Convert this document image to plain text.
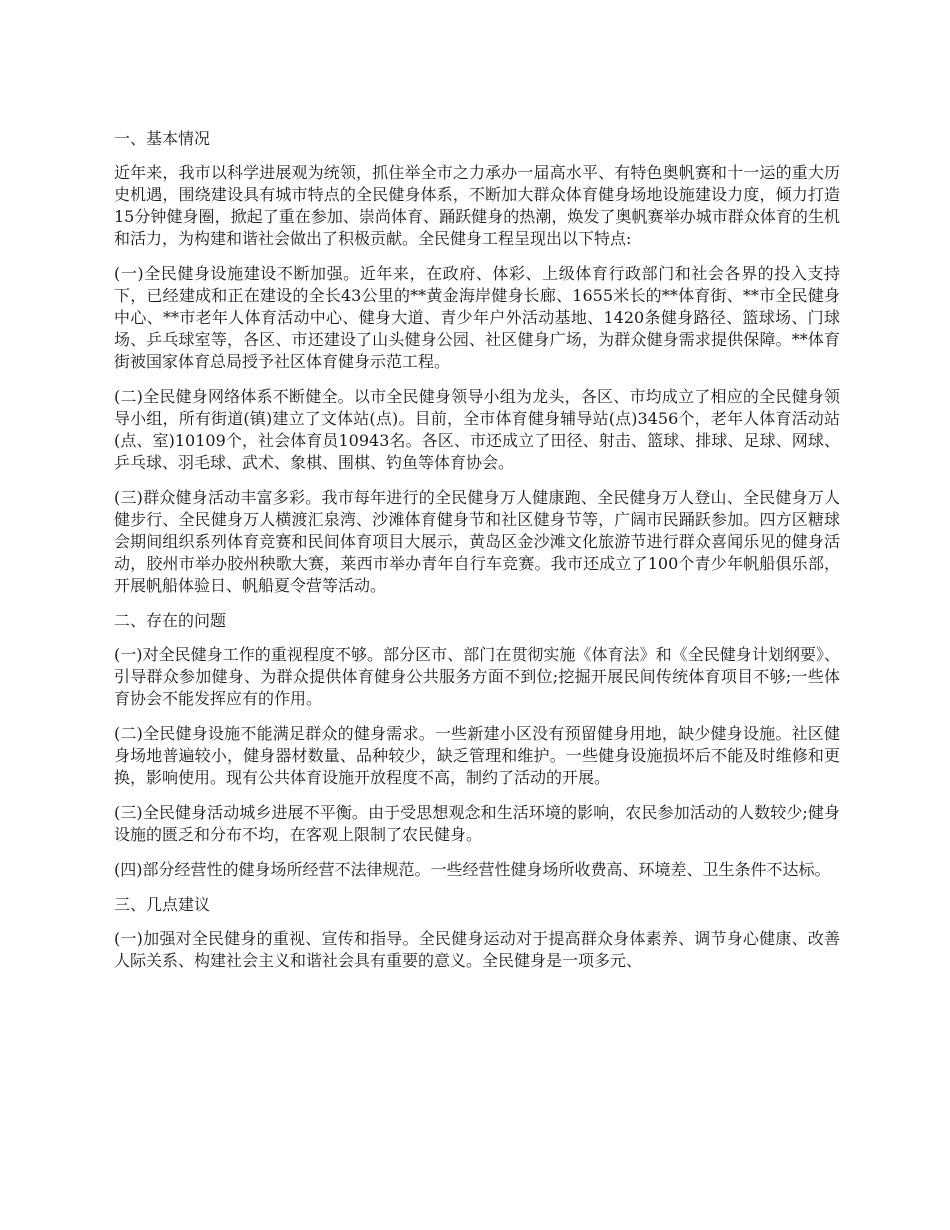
一、基本情况

近年来，我市以科学进展观为统领，抓住举全市之力承办一届高水平、有特色奥帆赛和十一运的重大历史机遇，围绕建设具有城市特点的全民健身体系，不断加大群众体育健身场地设施建设力度，倾力打造15分钟健身圈，掀起了重在参加、崇尚体育、踊跃健身的热潮，焕发了奥帆赛举办城市群众体育的生机和活力，为构建和谐社会做出了积极贡献。全民健身工程呈现出以下特点:

(一)全民健身设施建设不断加强。近年来，在政府、体彩、上级体育行政部门和社会各界的投入支持下，已经建成和正在建设的全长43公里的**黄金海岸健身长廊、1655米长的**体育街、**市全民健身中心、**市老年人体育活动中心、健身大道、青少年户外活动基地、1420条健身路径、篮球场、门球场、乒乓球室等，各区、市还建设了山头健身公园、社区健身广场，为群众健身需求提供保障。**体育街被国家体育总局授予社区体育健身示范工程。

(二)全民健身网络体系不断健全。以市全民健身领导小组为龙头，各区、市均成立了相应的全民健身领导小组，所有街道(镇)建立了文体站(点)。目前，全市体育健身辅导站(点)3456个，老年人体育活动站(点、室)10109个，社会体育员10943名。各区、市还成立了田径、射击、篮球、排球、足球、网球、乒乓球、羽毛球、武术、象棋、围棋、钓鱼等体育协会。

(三)群众健身活动丰富多彩。我市每年进行的全民健身万人健康跑、全民健身万人登山、全民健身万人健步行、全民健身万人横渡汇泉湾、沙滩体育健身节和社区健身节等，广阔市民踊跃参加。四方区糖球会期间组织系列体育竞赛和民间体育项目大展示，黄岛区金沙滩文化旅游节进行群众喜闻乐见的健身活动，胶州市举办胶州秧歌大赛，莱西市举办青年自行车竞赛。我市还成立了100个青少年帆船俱乐部，开展帆船体验日、帆船夏令营等活动。

二、存在的问题

(一)对全民健身工作的重视程度不够。部分区市、部门在贯彻实施《体育法》和《全民健身计划纲要》、引导群众参加健身、为群众提供体育健身公共服务方面不到位;挖掘开展民间传统体育项目不够;一些体育协会不能发挥应有的作用。

(二)全民健身设施不能满足群众的健身需求。一些新建小区没有预留健身用地，缺少健身设施。社区健身场地普遍较小，健身器材数量、品种较少，缺乏管理和维护。一些健身设施损坏后不能及时维修和更换，影响使用。现有公共体育设施开放程度不高，制约了活动的开展。

(三)全民健身活动城乡进展不平衡。由于受思想观念和生活环境的影响，农民参加活动的人数较少;健身设施的匮乏和分布不均，在客观上限制了农民健身。

(四)部分经营性的健身场所经营不法律规范。一些经营性健身场所收费高、环境差、卫生条件不达标。

三、几点建议

(一)加强对全民健身的重视、宣传和指导。全民健身运动对于提高群众身体素养、调节身心健康、改善人际关系、构建社会主义和谐社会具有重要的意义。全民健身是一项多元、
